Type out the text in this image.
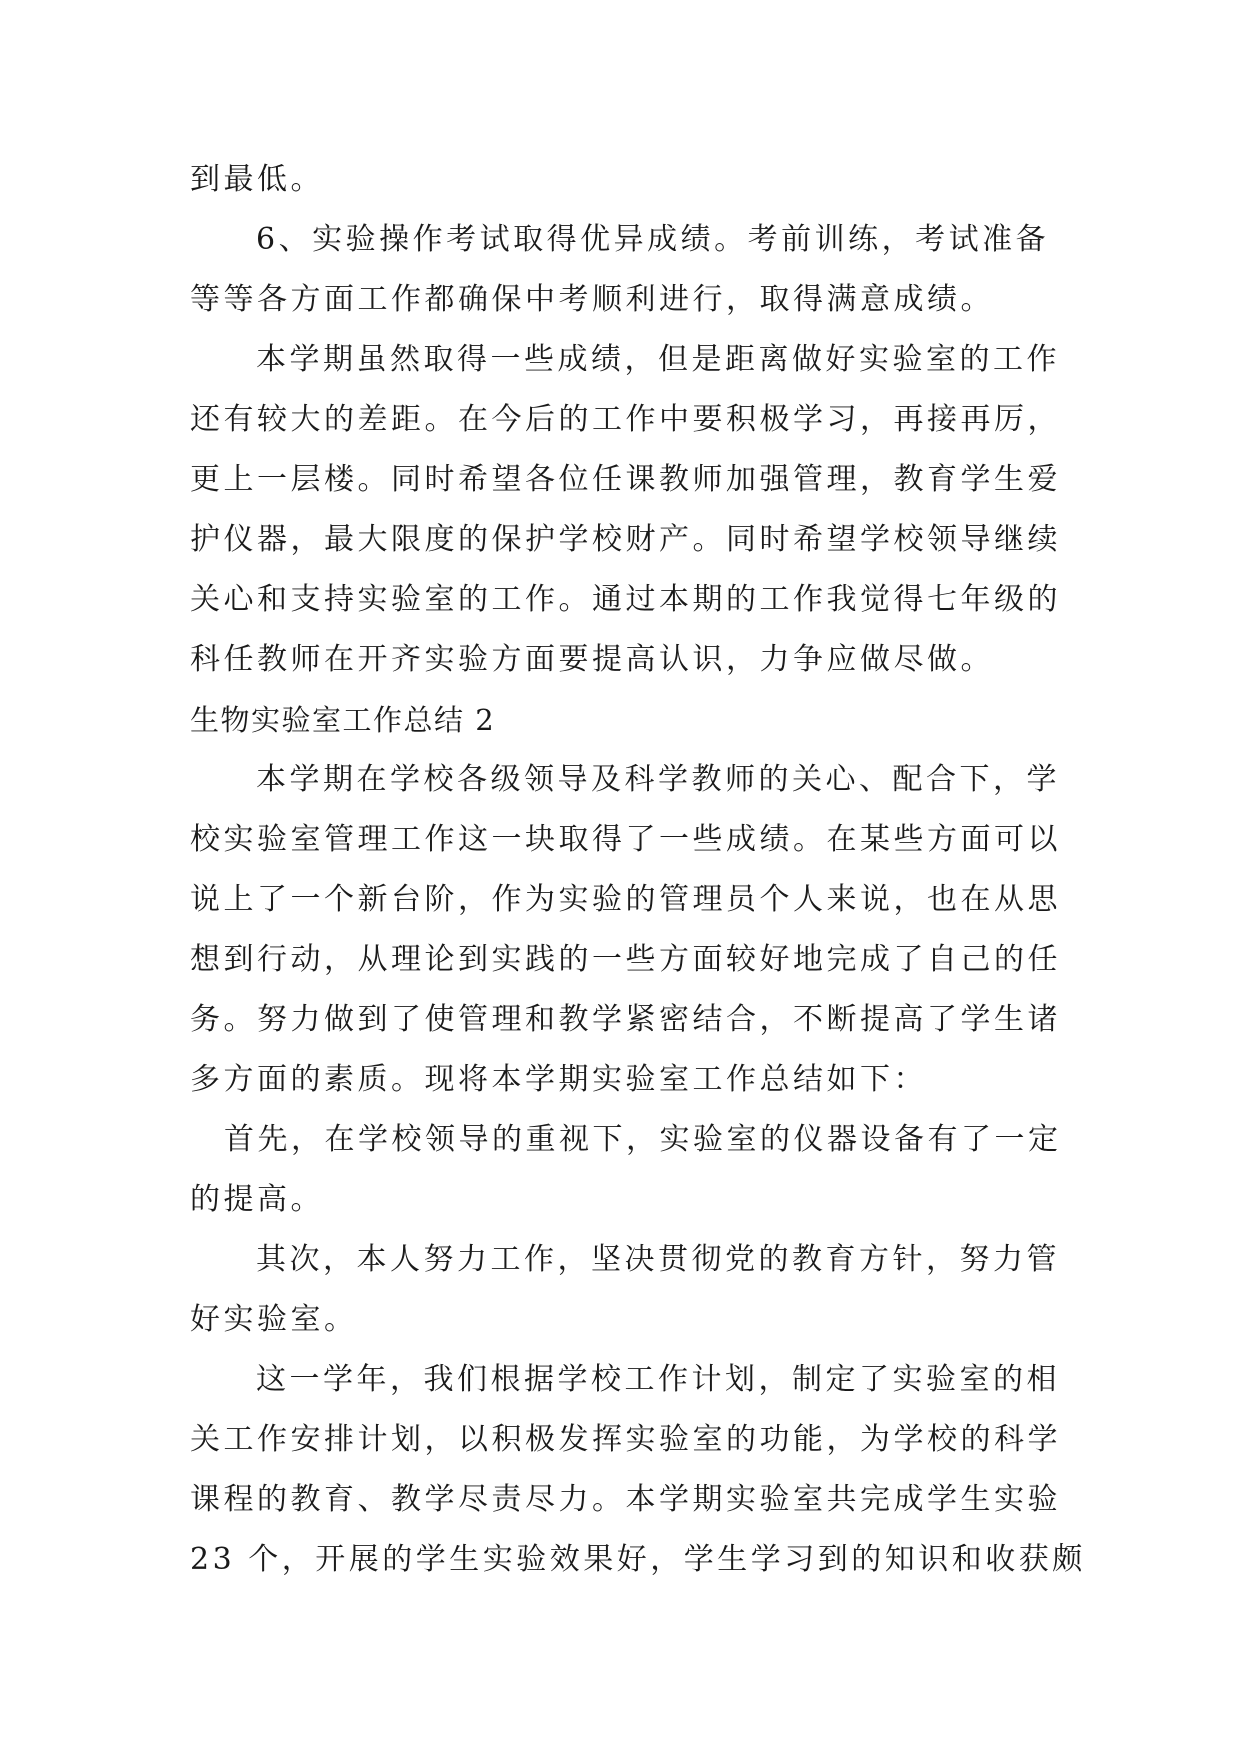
到最低。
6、实验操作考试取得优异成绩。考前训练，考试准备
等等各方面工作都确保中考顺利进行，取得满意成绩。
本学期虽然取得一些成绩，但是距离做好实验室的工作
还有较大的差距。在今后的工作中要积极学习，再接再厉，
更上一层楼。同时希望各位任课教师加强管理，教育学生爱
护仪器，最大限度的保护学校财产。同时希望学校领导继续
关心和支持实验室的工作。通过本期的工作我觉得七年级的
科任教师在开齐实验方面要提高认识，力争应做尽做。
生物实验室工作总结 2
本学期在学校各级领导及科学教师的关心、配合下，学
校实验室管理工作这一块取得了一些成绩。在某些方面可以
说上了一个新台阶，作为实验的管理员个人来说，也在从思
想到行动，从理论到实践的一些方面较好地完成了自己的任
务。努力做到了使管理和教学紧密结合，不断提高了学生诸
多方面的素质。现将本学期实验室工作总结如下：
首先，在学校领导的重视下，实验室的仪器设备有了一定
的提高。
其次，本人努力工作，坚决贯彻党的教育方针，努力管
好实验室。
这一学年，我们根据学校工作计划，制定了实验室的相
关工作安排计划，以积极发挥实验室的功能，为学校的科学
课程的教育、教学尽责尽力。本学期实验室共完成学生实验
23 个，开展的学生实验效果好，学生学习到的知识和收获颇
